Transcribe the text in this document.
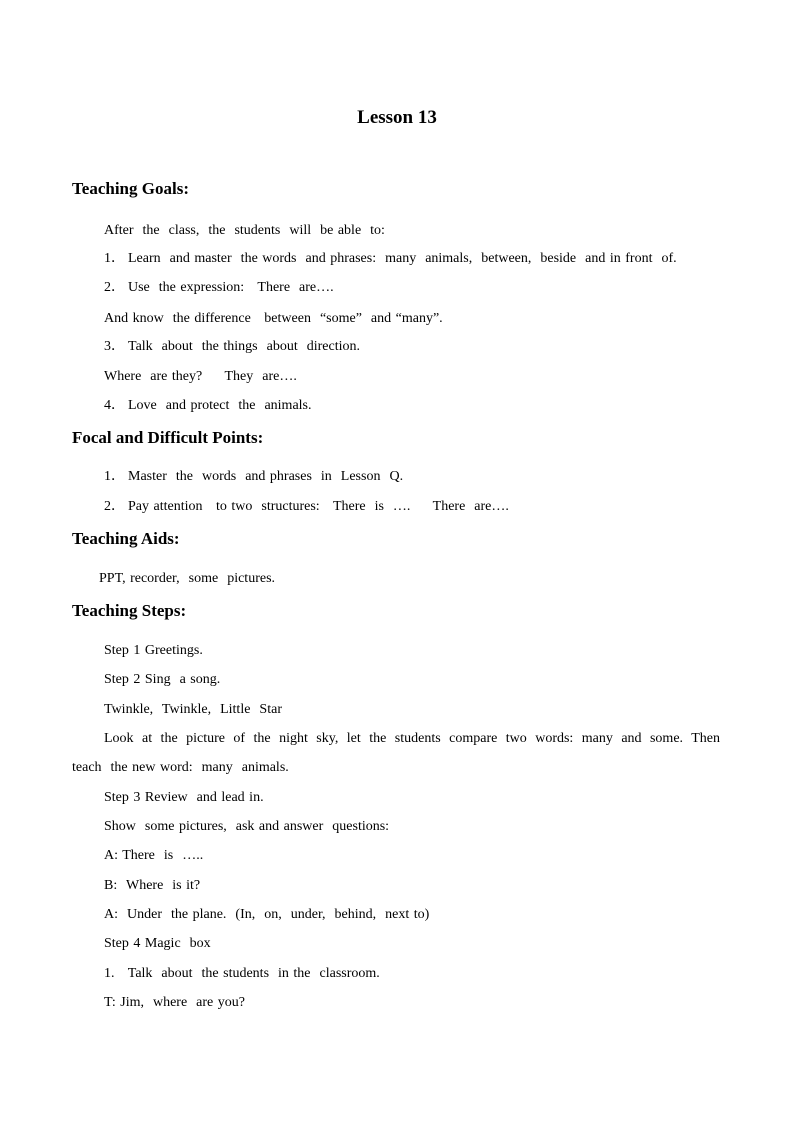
Lesson 13
Teaching Goals:
After  the  class,  the  students  will  be able  to:
1． Learn  and master  the words  and phrases:  many  animals,  between,  beside  and in front  of.
2． Use  the expression:   There  are….
And know  the difference   between  “some”  and “many”.
3． Talk  about  the things  about  direction.
Where  are they?     They  are….
4． Love  and protect  the  animals.
Focal and Difficult Points:
1． Master  the  words  and phrases  in  Lesson  Q.
2． Pay attention   to two  structures:   There  is  ….     There  are….
Teaching Aids:
PPT, recorder,  some  pictures.
Teaching Steps:
Step 1 Greetings.
Step 2 Sing  a song.
Twinkle,  Twinkle,  Little  Star
Look at the picture of the night sky, let the students compare two words: many and some. Then
teach  the new word:  many  animals.
Step 3 Review  and lead in.
Show  some pictures,  ask and answer  questions:
A: There  is  …..
B:  Where  is it?
A:  Under  the plane.  (In,  on,  under,  behind,  next to)
Step 4 Magic  box
1.   Talk  about  the students  in the  classroom.
T: Jim,  where  are you?
